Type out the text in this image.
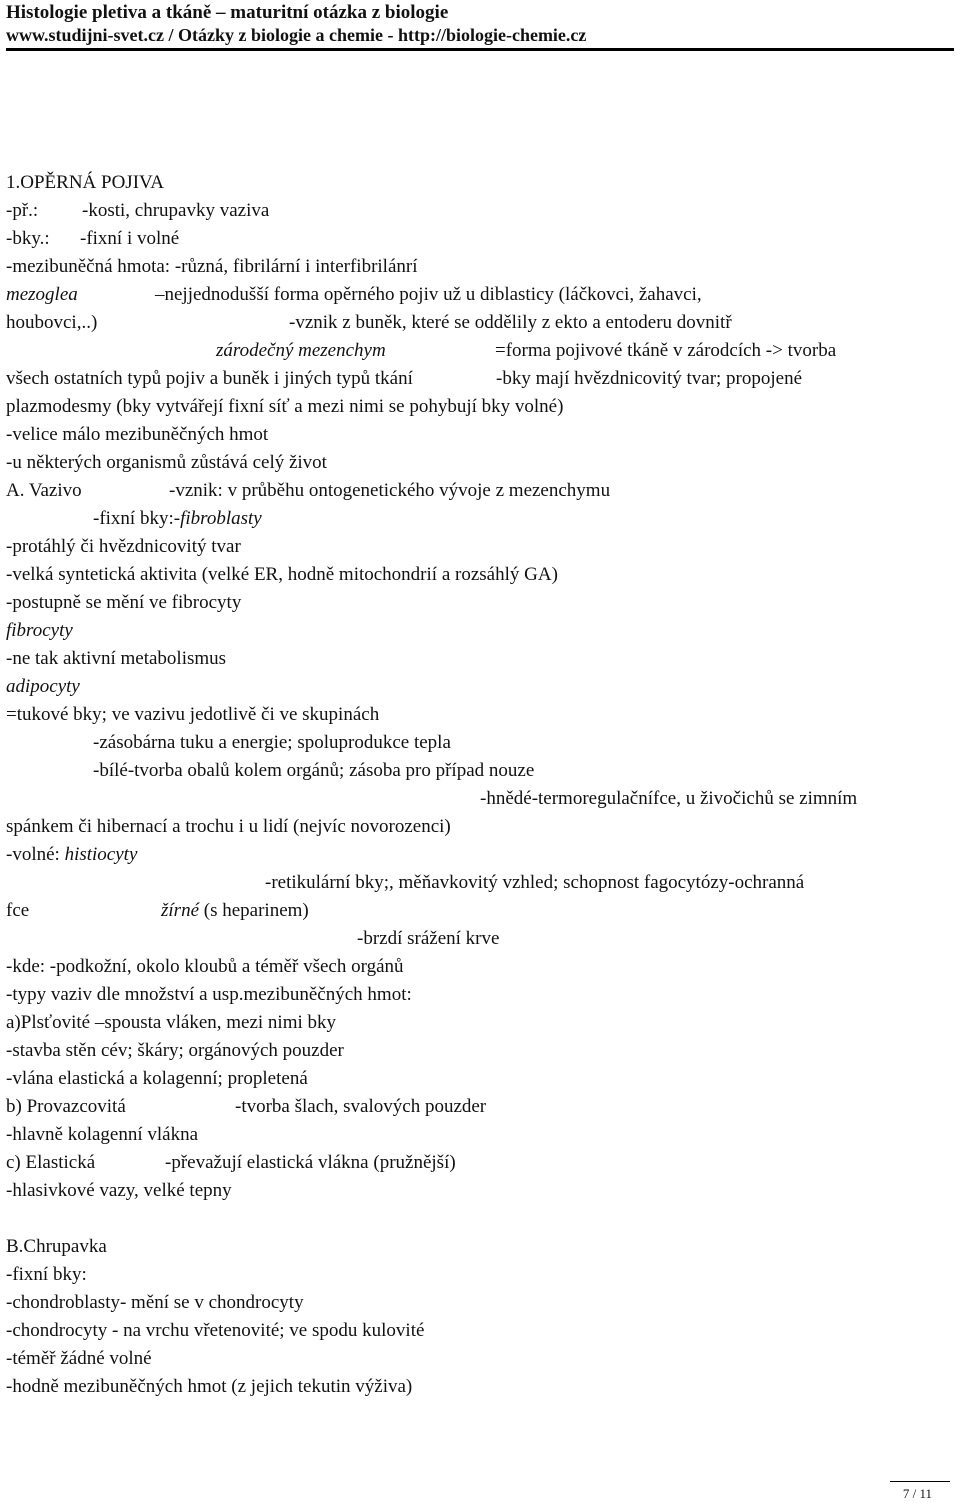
Histologie pletiva a tkáně – maturitní otázka z biologie
www.studijni-svet.cz / Otázky z biologie a chemie - http://biologie-chemie.cz
1.OPĚRNÁ POJIVA
-př.: -kosti, chrupavky vaziva
-bky.: -fixní i volné
-mezibuněčná hmota: -různá, fibrilární i interfibrilánrí
mezoglea	–nejjednodušší forma opěrného pojiv už u diblasticy (láčkovci, žahavci,
houbovci,..)	-vznik z buněk, které se oddělily z ekto a entoderu dovnitř
zárodečný mezenchym	=forma pojivové tkáně v zárodcích -> tvorba
všech ostatních typů pojiv a buněk i jiných typů tkání	-bky mají hvězdnicovitý tvar; propojené
plazmodesmy (bky vytvářejí fixní síť a mezi nimi se pohybují bky volné)
-velice málo mezibuněčných hmot
-u některých organismů zůstává celý život
A. Vazivo	-vznik: v průběhu ontogenetického vývoje z mezenchymu
-fixní bky:-fibroblasty
-protáhlý či hvězdnicovitý tvar
-velká syntetická aktivita (velké ER, hodně mitochondrií a rozsáhlý GA)
-postupně se mění ve fibrocyty
fibrocyty
-ne tak aktivní metabolismus
adipocyty
=tukové bky; ve vazivu jedotlivě či ve skupinách
-zásobárna tuku a energie; spoluprodukce tepla
-bílé-tvorba obalů kolem orgánů; zásoba pro případ nouze
-hnědé-termoregulačnífce, u živočichů se zimním
spánkem či hibernací a trochu i u lidí (nejvíc novorozenci)
-volné: histiocyty
-retikulární bky;, měňavkovitý vzhled; schopnost fagocytózy-ochranná
fce	žírné (s heparinem)
-brzdí srážení krve
-kde: -podkožní, okolo kloubů a téměř všech orgánů
-typy vaziv dle množství a usp.mezibuněčných hmot:
a)Plsťovité –spousta vláken, mezi nimi bky
-stavba stěn cév; škáry; orgánových pouzder
-vlána elastická a kolagenní; propletená
b) Provazcovitá	-tvorba šlach, svalových pouzder
-hlavně kolagenní vlákna
c) Elastická	-převažují elastická vlákna (pružnější)
-hlasivkové vazy, velké tepny
B.Chrupavka
-fixní bky:
-chondroblasty- mění se v chondrocyty
-chondrocyty - na vrchu vřetenovité; ve spodu kulovité
-téměř žádné volné
-hodně mezibuněčných hmot (z jejich tekutin výživa)
7 / 11
